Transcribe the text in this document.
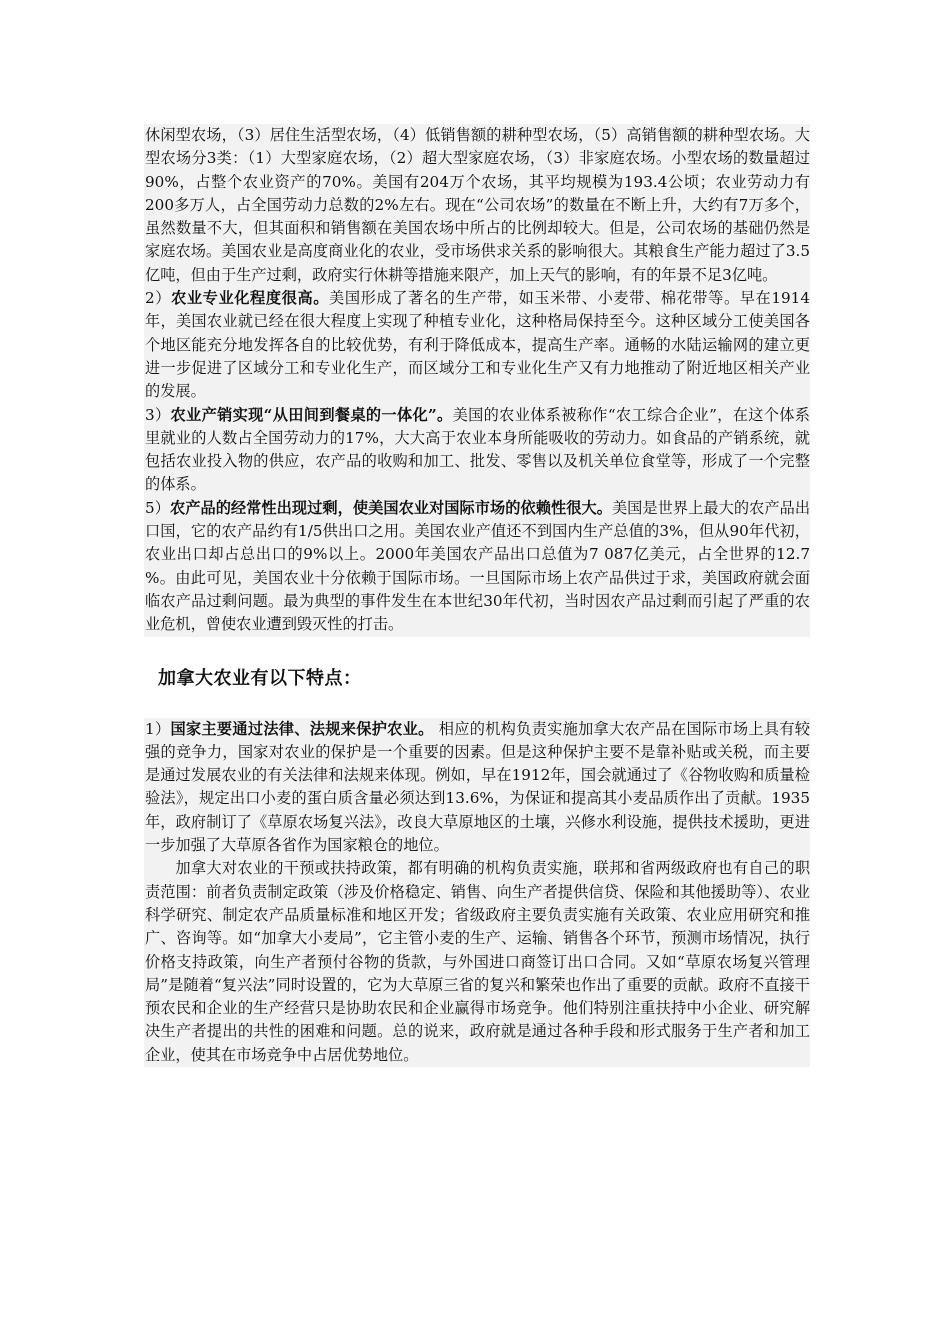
休闲型农场，（3）居住生活型农场，（4）低销售额的耕种型农场，（5）高销售额的耕种型农场。大型农场分3类：（1）大型家庭农场，（2）超大型家庭农场，（3）非家庭农场。小型农场的数量超过90%，占整个农业资产的70%。美国有204万个农场，其平均规模为193.4公顷；农业劳动力有200多万人，占全国劳动力总数的2%左右。现在“公司农场”的数量在不断上升，大约有7万多个，虽然数量不大，但其面积和销售额在美国农场中所占的比例却较大。但是，公司农场的基础仍然是家庭农场。美国农业是高度商业化的农业，受市场供求关系的影响很大。其粮食生产能力超过了3.5亿吨，但由于生产过剩，政府实行休耕等措施来限产，加上天气的影响，有的年景不足3亿吨。

2）农业专业化程度很高。美国形成了著名的生产带，如玉米带、小麦带、棉花带等。早在1914年，美国农业就已经在很大程度上实现了种植专业化，这种格局保持至今。这种区域分工使美国各个地区能充分地发挥各自的比较优势，有利于降低成本，提高生产率。通畅的水陆运输网的建立更进一步促进了区域分工和专业化生产，而区域分工和专业化生产又有力地推动了附近地区相关产业的发展。

3）农业产销实现“从田间到餐桌的一体化”。美国的农业体系被称作“农工综合企业”，在这个体系里就业的人数占全国劳动力的17%，大大高于农业本身所能吸收的劳动力。如食品的产销系统，就包括农业投入物的供应，农产品的收购和加工、批发、零售以及机关单位食堂等，形成了一个完整的体系。

5）农产品的经常性出现过剩，使美国农业对国际市场的依赖性很大。美国是世界上最大的农产品出口国，它的农产品约有1/5供出口之用。美国农业产值还不到国内生产总值的3%，但从90年代初，农业出口却占总出口的9%以上。2000年美国农产品出口总值为7 087亿美元，占全世界的12.7 %。由此可见，美国农业十分依赖于国际市场。一旦国际市场上农产品供过于求，美国政府就会面临农产品过剩问题。最为典型的事件发生在本世纪30年代初，当时因农产品过剩而引起了严重的农业危机，曾使农业遭到毁灭性的打击。

加拿大农业有以下特点：

1）国家主要通过法律、法规来保护农业。 相应的机构负责实施加拿大农产品在国际市场上具有较强的竞争力，国家对农业的保护是一个重要的因素。但是这种保护主要不是靠补贴或关税，而主要是通过发展农业的有关法律和法规来体现。例如，早在1912年，国会就通过了《谷物收购和质量检验法》，规定出口小麦的蛋白质含量必须达到13.6%，为保证和提高其小麦品质作出了贡献。1935年，政府制订了《草原农场复兴法》，改良大草原地区的土壤，兴修水利设施，提供技术援助，更进一步加强了大草原各省作为国家粮仓的地位。

加拿大对农业的干预或扶持政策，都有明确的机构负责实施，联邦和省两级政府也有自己的职责范围：前者负责制定政策（涉及价格稳定、销售、向生产者提供信贷、保险和其他援助等）、农业科学研究、制定农产品质量标准和地区开发；省级政府主要负责实施有关政策、农业应用研究和推广、咨询等。如“加拿大小麦局”，它主管小麦的生产、运输、销售各个环节，预测市场情况，执行价格支持政策，向生产者预付谷物的货款，与外国进口商签订出口合同。又如“草原农场复兴管理局”是随着“复兴法”同时设置的，它为大草原三省的复兴和繁荣也作出了重要的贡献。政府不直接干预农民和企业的生产经营只是协助农民和企业赢得市场竞争。他们特别注重扶持中小企业、研究解决生产者提出的共性的困难和问题。总的说来，政府就是通过各种手段和形式服务于生产者和加工企业，使其在市场竞争中占居优势地位。
